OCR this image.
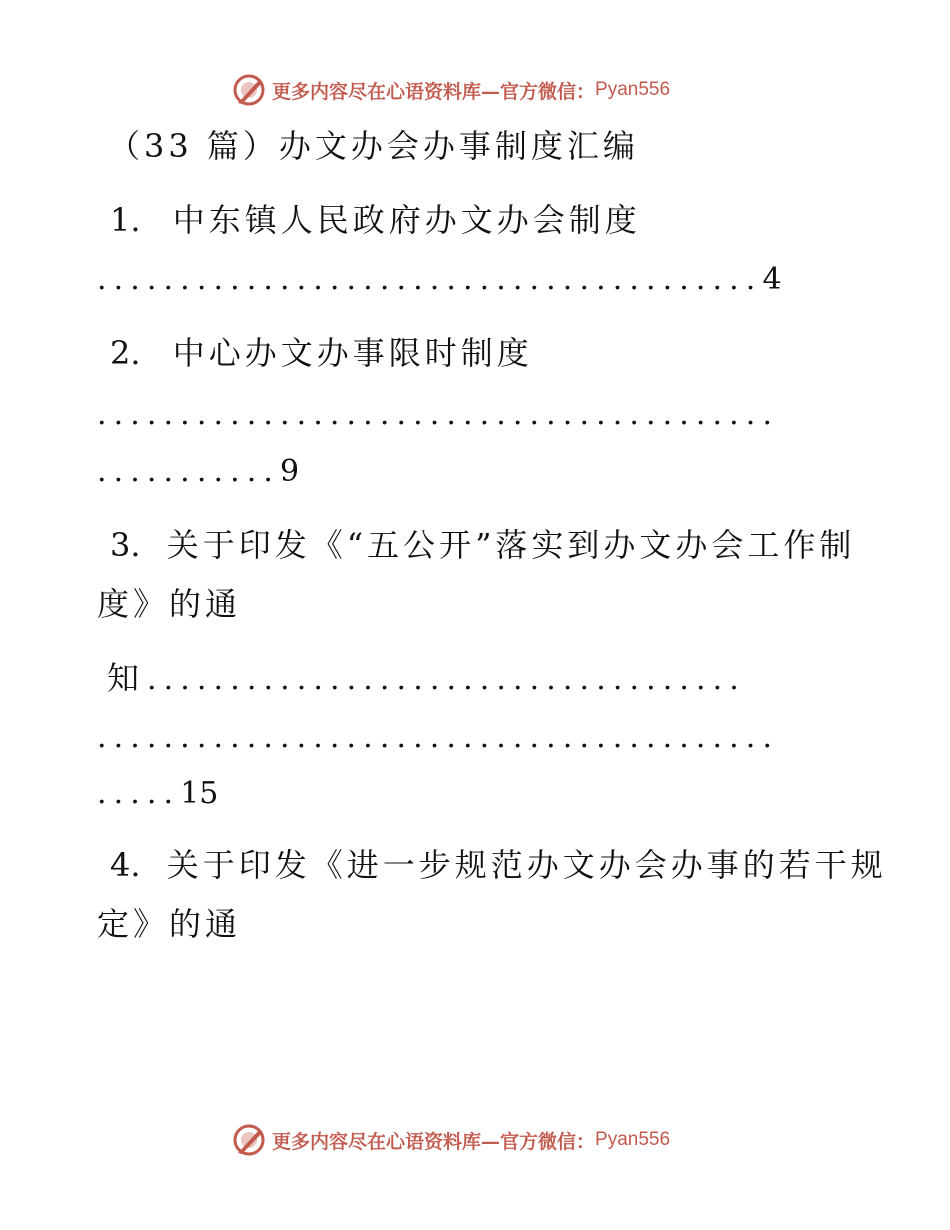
更多内容尽在心语资料库—官方微信： Pyan556
（33 篇）办文办会办事制度汇编
1. 中东镇人民政府办文办会制度
........................................4
2. 中心办文办事限时制度
.........................................
...........9
3. 关于印发《“五公开”落实到办文办会工作制
度》的通
知 ....................................
.........................................
.....15
4. 关于印发《进一步规范办文办会办事的若干规
定》的通
更多内容尽在心语资料库—官方微信： Pyan556
